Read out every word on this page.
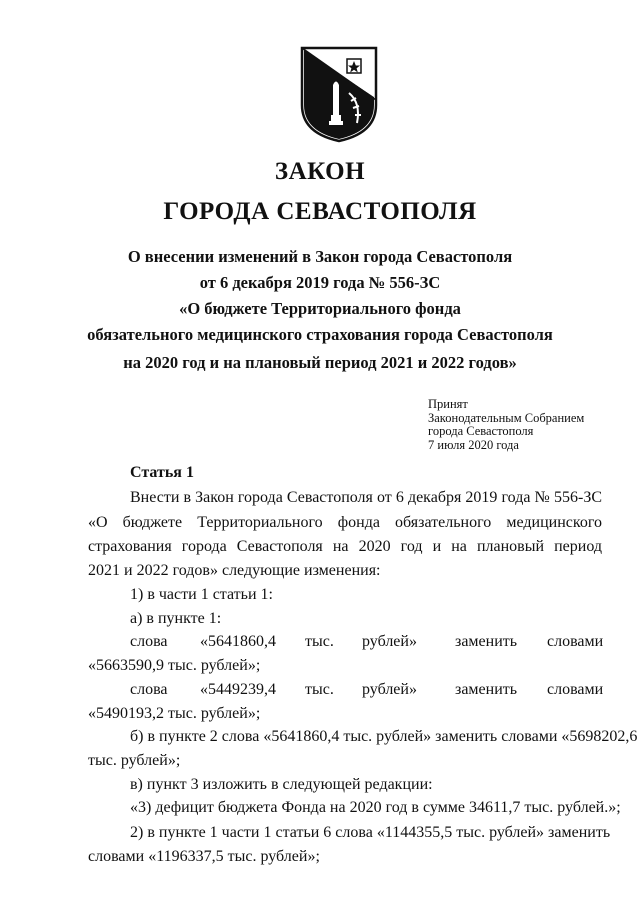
ЗАКОН
ГОРОДА СЕВАСТОПОЛЯ
О внесении изменений в Закон города Севастополя
от 6 декабря 2019 года № 556-ЗС
«О бюджете Территориального фонда
обязательного медицинского страхования города Севастополя
на 2020 год и на плановый период 2021 и 2022 годов»
Принят
Законодательным Собранием
города Севастополя
7 июля 2020 года
Статья 1
Внести в Закон города Севастополя от 6 декабря 2019 года № 556-ЗС
«О бюджете Территориального фонда обязательного медицинского
страхования города Севастополя на 2020 год и на плановый период
2021 и 2022 годов» следующие изменения:
1) в части 1 статьи 1:
а) в пункте 1:
слова «5641860,4 тыс. рублей» заменить словами
«5663590,9 тыс. рублей»;
слова «5449239,4 тыс. рублей» заменить словами
«5490193,2 тыс. рублей»;
б) в пункте 2 слова «5641860,4 тыс. рублей» заменить словами «5698202,6
тыс. рублей»;
в) пункт 3 изложить в следующей редакции:
«3) дефицит бюджета Фонда на 2020 год в сумме 34611,7 тыс. рублей.»;
2) в пункте 1 части 1 статьи 6 слова «1144355,5 тыс. рублей» заменить
словами «1196337,5 тыс. рублей»;
